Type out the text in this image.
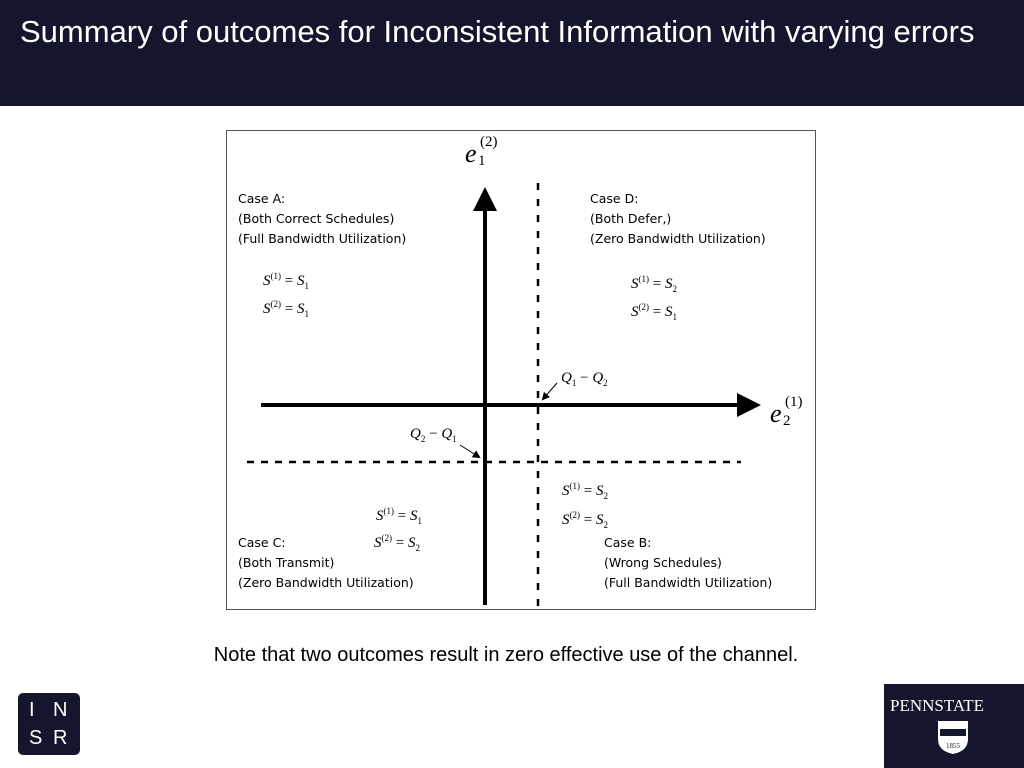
Summary of outcomes for Inconsistent Information with varying errors
e (2)
1
e (1)
2
$Q_1 - Q_2$
$Q_2 - Q_1$
Case A:
(Both Correct Schedules)
(Full Bandwidth Utilization)
$S^{(1)} = S_1$
$S^{(2)} = S_1$
Case D:
(Both Defer,)
(Zero Bandwidth Utilization)
$S^{(1)} = S_2$
$S^{(2)} = S_1$
$S^{(1)} = S_2$
$S^{(2)} = S_2$
$S^{(1)} = S_1$
$S^{(2)} = S_2$
Case C:
(Both Transmit)
(Zero Bandwidth Utilization)
Case B:
(Wrong Schedules)
(Full Bandwidth Utilization)
Note that two outcomes result in zero effective use of the channel.
I N
S R
PENNSTATE
1855
